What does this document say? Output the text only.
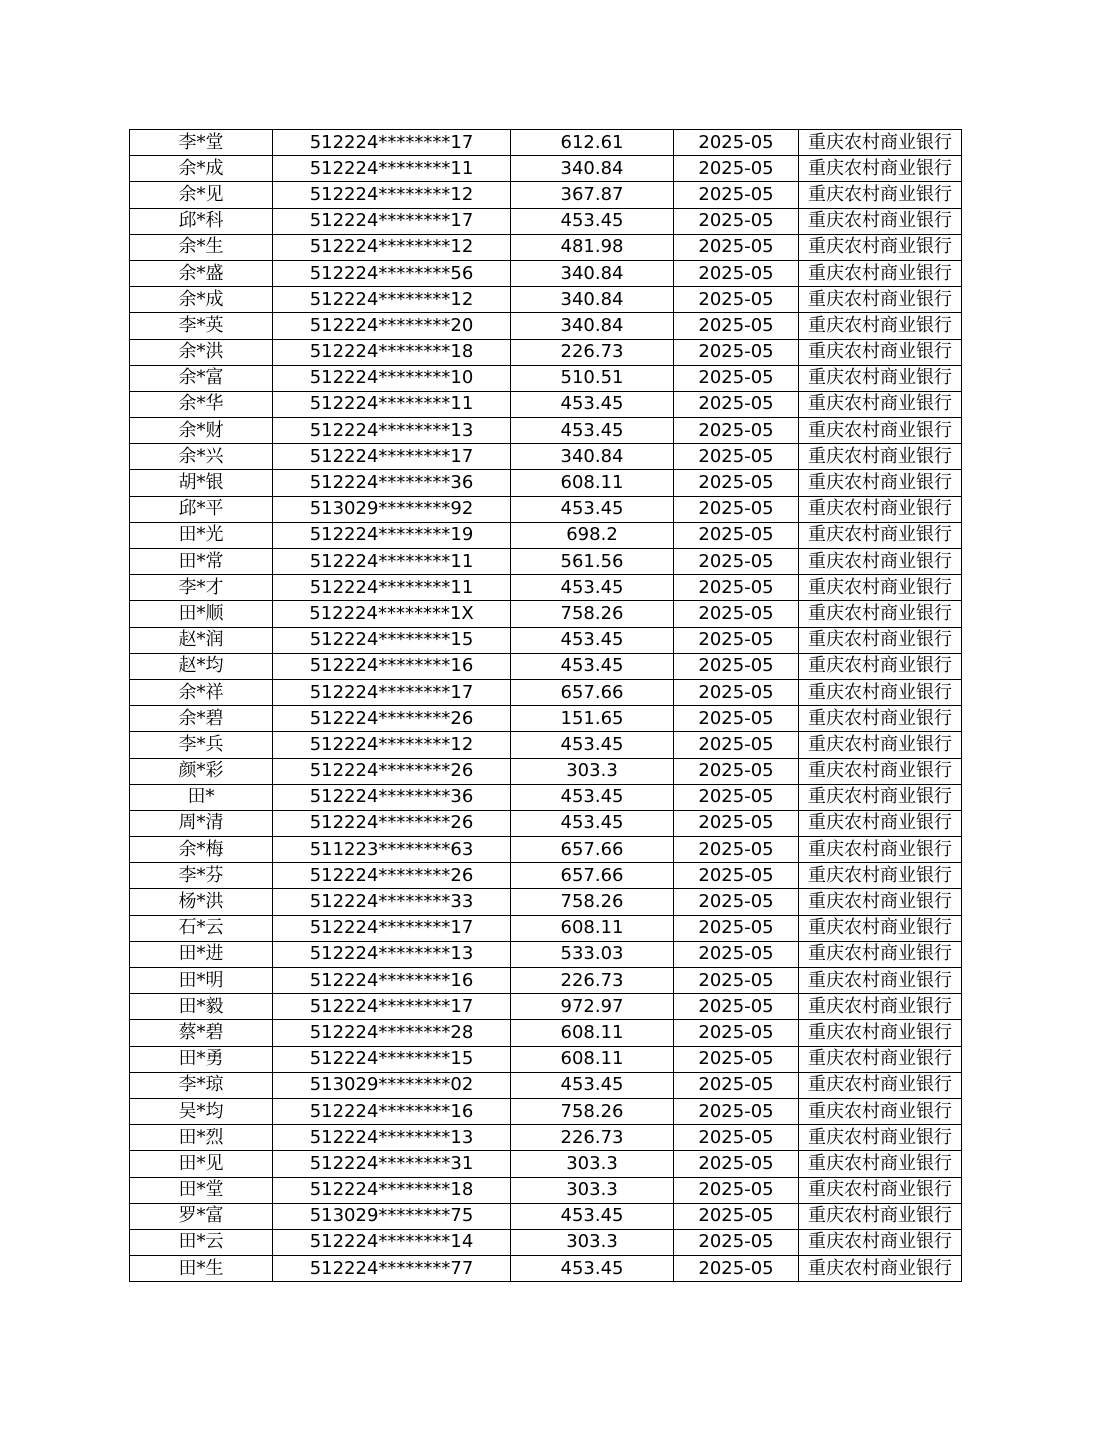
李*堂	512224********17	612.61	2025-05	重庆农村商业银行
余*成	512224********11	340.84	2025-05	重庆农村商业银行
余*见	512224********12	367.87	2025-05	重庆农村商业银行
邱*科	512224********17	453.45	2025-05	重庆农村商业银行
余*生	512224********12	481.98	2025-05	重庆农村商业银行
余*盛	512224********56	340.84	2025-05	重庆农村商业银行
余*成	512224********12	340.84	2025-05	重庆农村商业银行
李*英	512224********20	340.84	2025-05	重庆农村商业银行
余*洪	512224********18	226.73	2025-05	重庆农村商业银行
余*富	512224********10	510.51	2025-05	重庆农村商业银行
余*华	512224********11	453.45	2025-05	重庆农村商业银行
余*财	512224********13	453.45	2025-05	重庆农村商业银行
余*兴	512224********17	340.84	2025-05	重庆农村商业银行
胡*银	512224********36	608.11	2025-05	重庆农村商业银行
邱*平	513029********92	453.45	2025-05	重庆农村商业银行
田*光	512224********19	698.2	2025-05	重庆农村商业银行
田*常	512224********11	561.56	2025-05	重庆农村商业银行
李*才	512224********11	453.45	2025-05	重庆农村商业银行
田*顺	512224********1X	758.26	2025-05	重庆农村商业银行
赵*润	512224********15	453.45	2025-05	重庆农村商业银行
赵*均	512224********16	453.45	2025-05	重庆农村商业银行
余*祥	512224********17	657.66	2025-05	重庆农村商业银行
余*碧	512224********26	151.65	2025-05	重庆农村商业银行
李*兵	512224********12	453.45	2025-05	重庆农村商业银行
颜*彩	512224********26	303.3	2025-05	重庆农村商业银行
田*	512224********36	453.45	2025-05	重庆农村商业银行
周*清	512224********26	453.45	2025-05	重庆农村商业银行
余*梅	511223********63	657.66	2025-05	重庆农村商业银行
李*芬	512224********26	657.66	2025-05	重庆农村商业银行
杨*洪	512224********33	758.26	2025-05	重庆农村商业银行
石*云	512224********17	608.11	2025-05	重庆农村商业银行
田*进	512224********13	533.03	2025-05	重庆农村商业银行
田*明	512224********16	226.73	2025-05	重庆农村商业银行
田*毅	512224********17	972.97	2025-05	重庆农村商业银行
蔡*碧	512224********28	608.11	2025-05	重庆农村商业银行
田*勇	512224********15	608.11	2025-05	重庆农村商业银行
李*琼	513029********02	453.45	2025-05	重庆农村商业银行
吴*均	512224********16	758.26	2025-05	重庆农村商业银行
田*烈	512224********13	226.73	2025-05	重庆农村商业银行
田*见	512224********31	303.3	2025-05	重庆农村商业银行
田*堂	512224********18	303.3	2025-05	重庆农村商业银行
罗*富	513029********75	453.45	2025-05	重庆农村商业银行
田*云	512224********14	303.3	2025-05	重庆农村商业银行
田*生	512224********77	453.45	2025-05	重庆农村商业银行
